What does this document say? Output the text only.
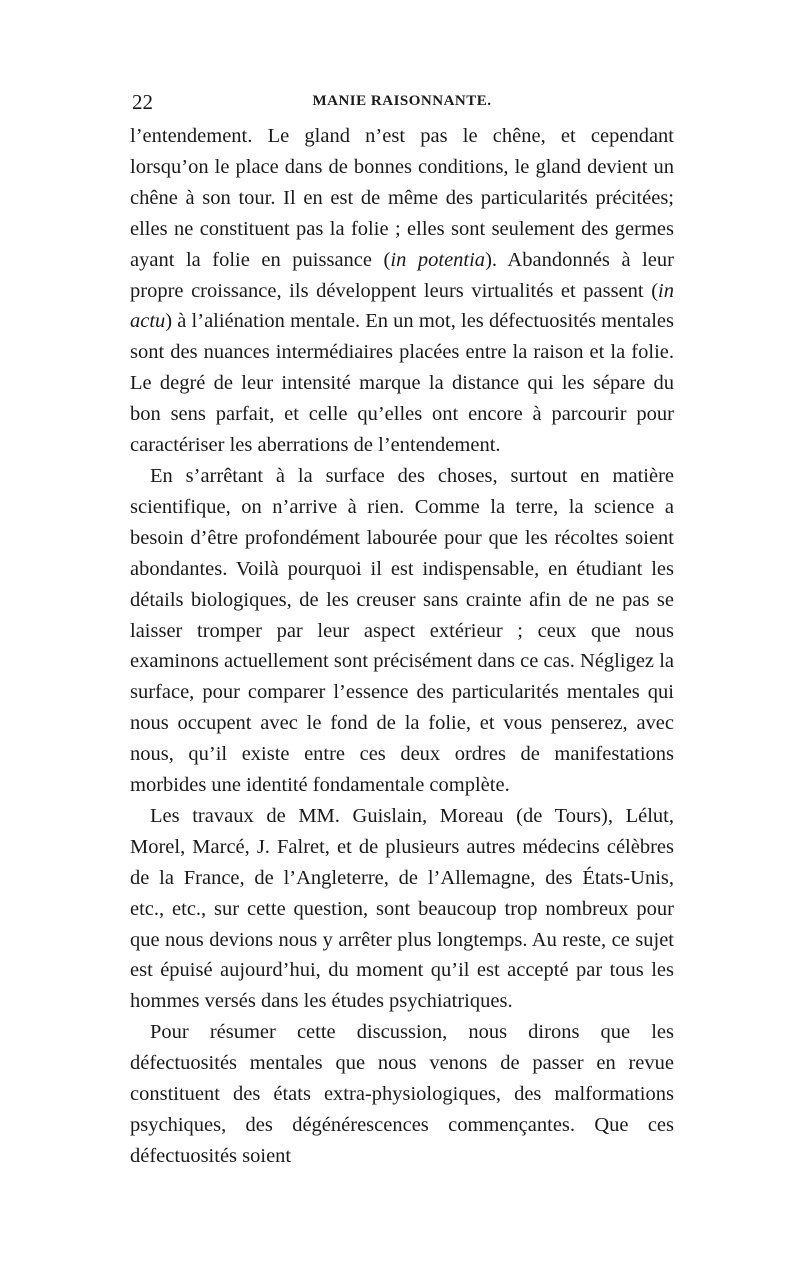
22	MANIE RAISONNANTE.

l’entendement. Le gland n’est pas le chêne, et cependant lorsqu’on le place dans de bonnes conditions, le gland devient un chêne à son tour. Il en est de même des particularités précitées; elles ne constituent pas la folie ; elles sont seulement des germes ayant la folie en puissance (in potentia). Abandonnés à leur propre croissance, ils développent leurs virtualités et passent (in actu) à l’aliénation mentale. En un mot, les défectuosités mentales sont des nuances intermédiaires placées entre la raison et la folie. Le degré de leur intensité marque la distance qui les sépare du bon sens parfait, et celle qu’elles ont encore à parcourir pour caractériser les aberrations de l’entendement.

En s’arrêtant à la surface des choses, surtout en matière scientifique, on n’arrive à rien. Comme la terre, la science a besoin d’être profondément labourée pour que les récoltes soient abondantes. Voilà pourquoi il est indispensable, en étudiant les détails biologiques, de les creuser sans crainte afin de ne pas se laisser tromper par leur aspect extérieur ; ceux que nous examinons actuellement sont précisément dans ce cas. Négligez la surface, pour comparer l’essence des particularités mentales qui nous occupent avec le fond de la folie, et vous penserez, avec nous, qu’il existe entre ces deux ordres de manifestations morbides une identité fondamentale complète.

Les travaux de MM. Guislain, Moreau (de Tours), Lélut, Morel, Marcé, J. Falret, et de plusieurs autres médecins célèbres de la France, de l’Angleterre, de l’Allemagne, des États-Unis, etc., etc., sur cette question, sont beaucoup trop nombreux pour que nous devions nous y arrêter plus longtemps. Au reste, ce sujet est épuisé aujourd’hui, du moment qu’il est accepté par tous les hommes versés dans les études psychiatriques.

Pour résumer cette discussion, nous dirons que les défectuosités mentales que nous venons de passer en revue constituent des états extra-physiologiques, des malformations psychiques, des dégénérescences commençantes. Que ces défectuosités soient
